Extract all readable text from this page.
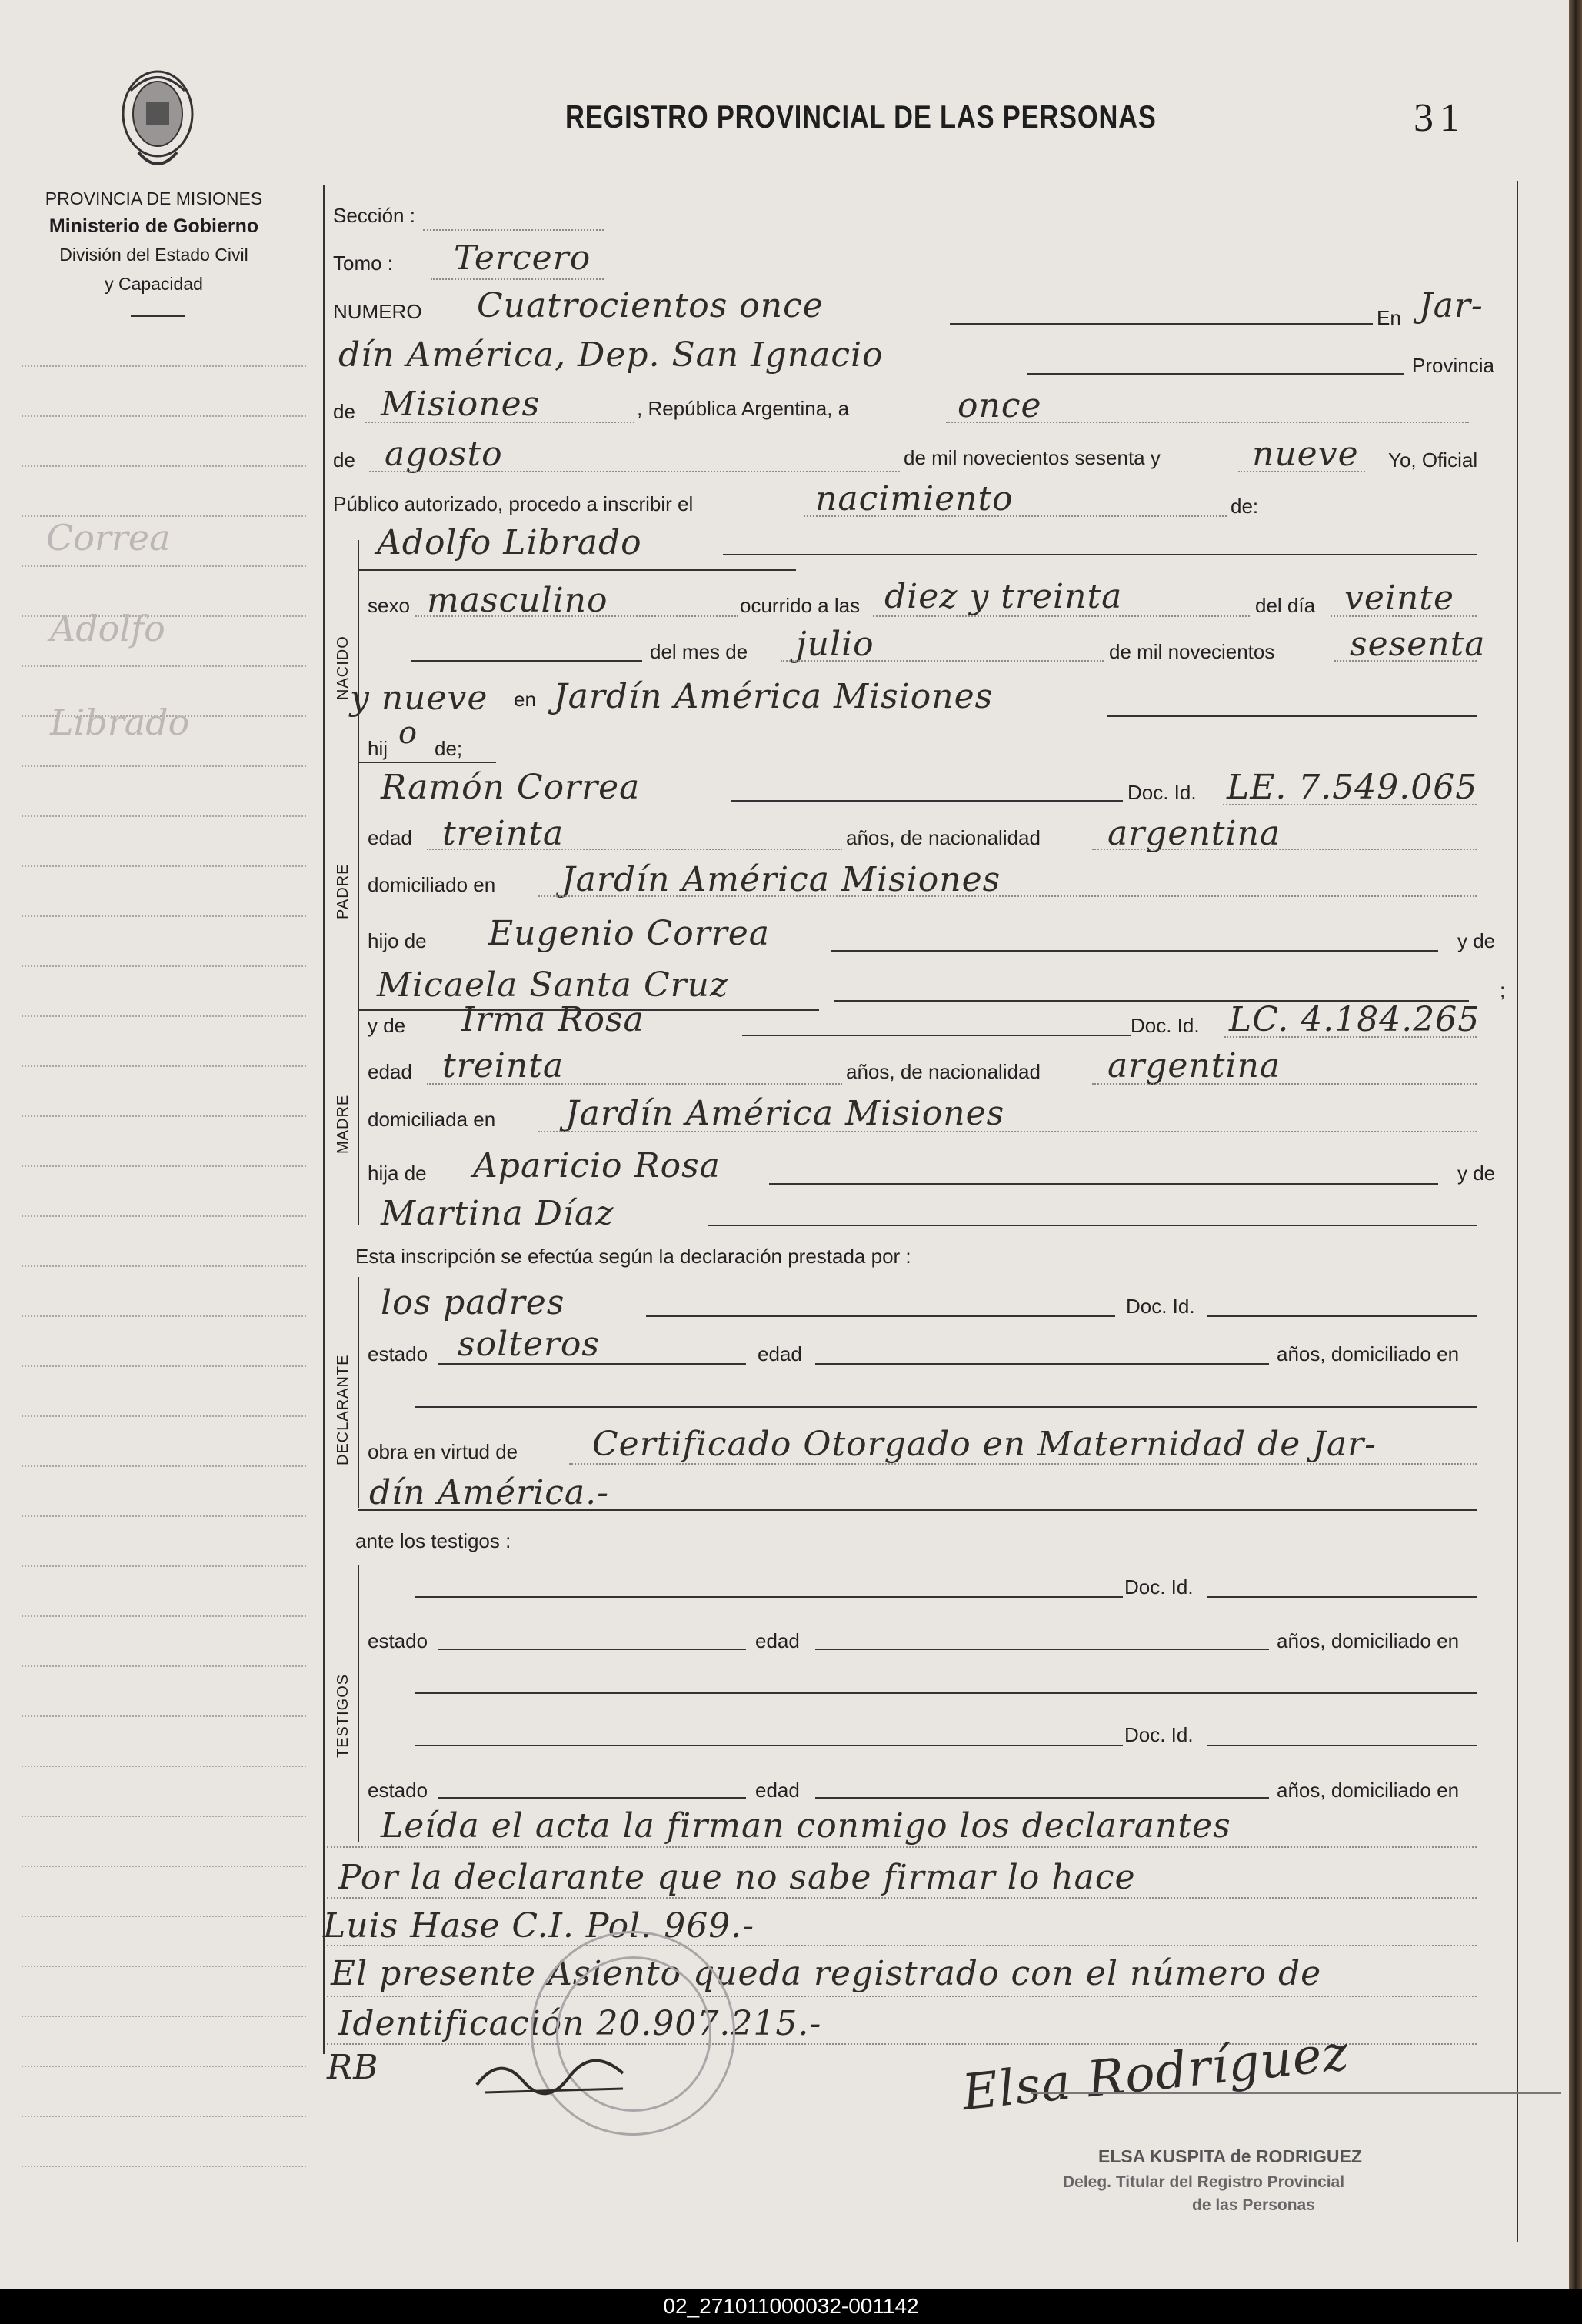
PROVINCIA DE MISIONES
Ministerio de Gobierno
División del Estado Civil
y Capacidad
REGISTRO PROVINCIAL DE LAS PERSONAS	31
Correa
Adolfo
Librado
NACIDO
PADRE
MADRE
DECLARANTE
TESTIGOS
Sección :
Tomo : Tercero
NUMERO Cuatrocientos once	En Jar-
dín América, Dep. San Ignacio	Provincia
de Misiones	, República Argentina, a	once
de agosto	de mil novecientos sesenta y	nueve Yo, Oficial
Público autorizado, procedo a inscribir el	nacimiento	de:
Adolfo Librado
sexo masculino	ocurrido a las diez y treinta	del día veinte
del mes de julio	de mil novecientos sesenta
y nueve en Jardín América Misiones
hij o de;
Ramón Correa	Doc. Id. LE. 7.549.065
edad treinta	años, de nacionalidad argentina
domiciliado en Jardín América Misiones
hijo de Eugenio Correa	y de
Micaela Santa Cruz	;
y de Irma Rosa	Doc. Id. LC. 4.184.265
edad treinta	años, de nacionalidad argentina
domiciliada en Jardín América Misiones
hija de Aparicio Rosa	y de
Martina Díaz
Esta inscripción se efectúa según la declaración prestada por :
los padres	Doc. Id.
estado solteros	edad	años, domiciliado en
obra en virtud de Certificado Otorgado en Maternidad de Jar-
dín América.-
ante los testigos :
Doc. Id.
estado	edad	años, domiciliado en
Doc. Id.
estado	edad	años, domiciliado en
Leída el acta la firman conmigo los declarantes
Por la declarante que no sabe firmar lo hace
Luis Hase C.I. Pol. 969.-
El presente Asiento queda registrado con el número de
Identificación 20.907.215.-
RB	Elsa Rodríguez
ELSA KUSPITA de RODRIGUEZ
Deleg. Titular del Registro Provincial
de las Personas
02_271011000032-001142
